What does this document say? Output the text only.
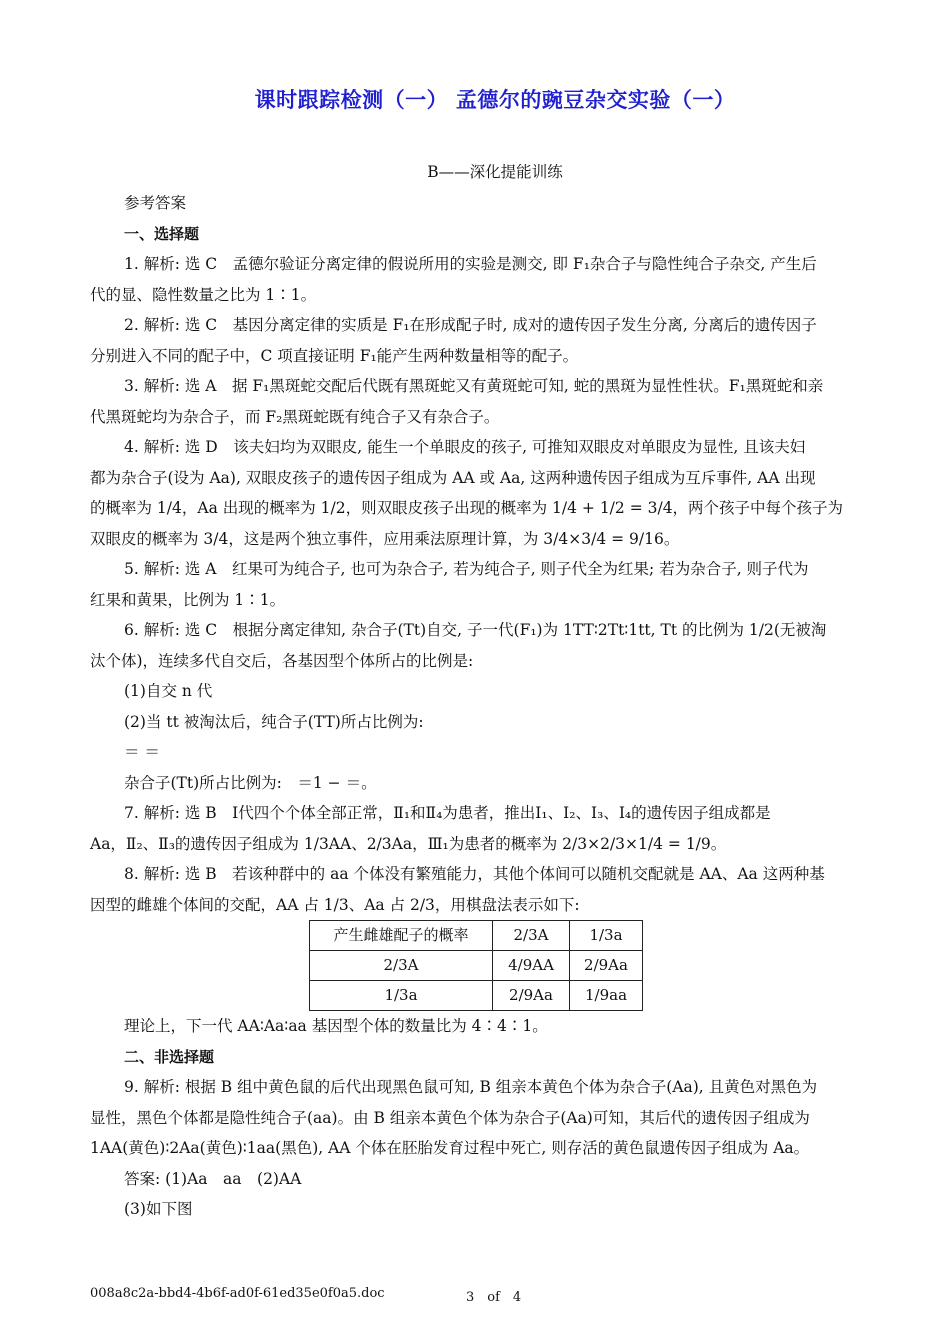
课时跟踪检测（一） 孟德尔的豌豆杂交实验（一）
B——深化提能训练
参考答案
一、选择题
1. 解析: 选 C　孟德尔验证分离定律的假说所用的实验是测交, 即 F₁杂合子与隐性纯合子杂交, 产生后
代的显、隐性数量之比为 1∶1。
2. 解析: 选 C　基因分离定律的实质是 F₁在形成配子时, 成对的遗传因子发生分离, 分离后的遗传因子
分别进入不同的配子中，C 项直接证明 F₁能产生两种数量相等的配子。
3. 解析: 选 A　据 F₁黑斑蛇交配后代既有黑斑蛇又有黄斑蛇可知, 蛇的黑斑为显性性状。F₁黑斑蛇和亲
代黑斑蛇均为杂合子，而 F₂黑斑蛇既有纯合子又有杂合子。
4. 解析: 选 D　该夫妇均为双眼皮, 能生一个单眼皮的孩子, 可推知双眼皮对单眼皮为显性, 且该夫妇
都为杂合子(设为 Aa), 双眼皮孩子的遗传因子组成为 AA 或 Aa, 这两种遗传因子组成为互斥事件, AA 出现
的概率为 1/4，Aa 出现的概率为 1/2，则双眼皮孩子出现的概率为 1/4 + 1/2 = 3/4，两个孩子中每个孩子为
双眼皮的概率为 3/4，这是两个独立事件，应用乘法原理计算，为 3/4×3/4 = 9/16。
5. 解析: 选 A　红果可为纯合子, 也可为杂合子, 若为纯合子, 则子代全为红果; 若为杂合子, 则子代为
红果和黄果，比例为 1∶1。
6. 解析: 选 C　根据分离定律知, 杂合子(Tt)自交, 子一代(F₁)为 1TT∶2Tt∶1tt, Tt 的比例为 1/2(无被淘
汰个体)，连续多代自交后，各基因型个体所占的比例是:
(1)自交 n 代
(2)当 tt 被淘汰后，纯合子(TT)所占比例为:
＝ ＝
杂合子(Tt)所占比例为:　＝1 − ＝。
7. 解析: 选 B　Ⅰ代四个个体全部正常，Ⅱ₁和Ⅱ₄为患者，推出Ⅰ₁、Ⅰ₂、Ⅰ₃、Ⅰ₄的遗传因子组成都是
Aa，Ⅱ₂、Ⅱ₃的遗传因子组成为 1/3AA、2/3Aa，Ⅲ₁为患者的概率为 2/3×2/3×1/4 = 1/9。
8. 解析: 选 B　若该种群中的 aa 个体没有繁殖能力，其他个体间可以随机交配就是 AA、Aa 这两种基
因型的雌雄个体间的交配，AA 占 1/3、Aa 占 2/3，用棋盘法表示如下:
产生雌雄配子的概率	2/3A	1/3a
2/3A	4/9AA	2/9Aa
1/3a	2/9Aa	1/9aa
理论上，下一代 AA∶Aa∶aa 基因型个体的数量比为 4∶4∶1。
二、非选择题
9. 解析: 根据 B 组中黄色鼠的后代出现黑色鼠可知, B 组亲本黄色个体为杂合子(Aa), 且黄色对黑色为
显性，黑色个体都是隐性纯合子(aa)。由 B 组亲本黄色个体为杂合子(Aa)可知，其后代的遗传因子组成为
1AA(黄色)∶2Aa(黄色)∶1aa(黑色), AA 个体在胚胎发育过程中死亡, 则存活的黄色鼠遗传因子组成为 Aa。
答案: (1)Aa　aa　(2)AA
(3)如下图
008a8c2a-bbd4-4b6f-ad0f-61ed35e0f0a5.doc	3　of　4
